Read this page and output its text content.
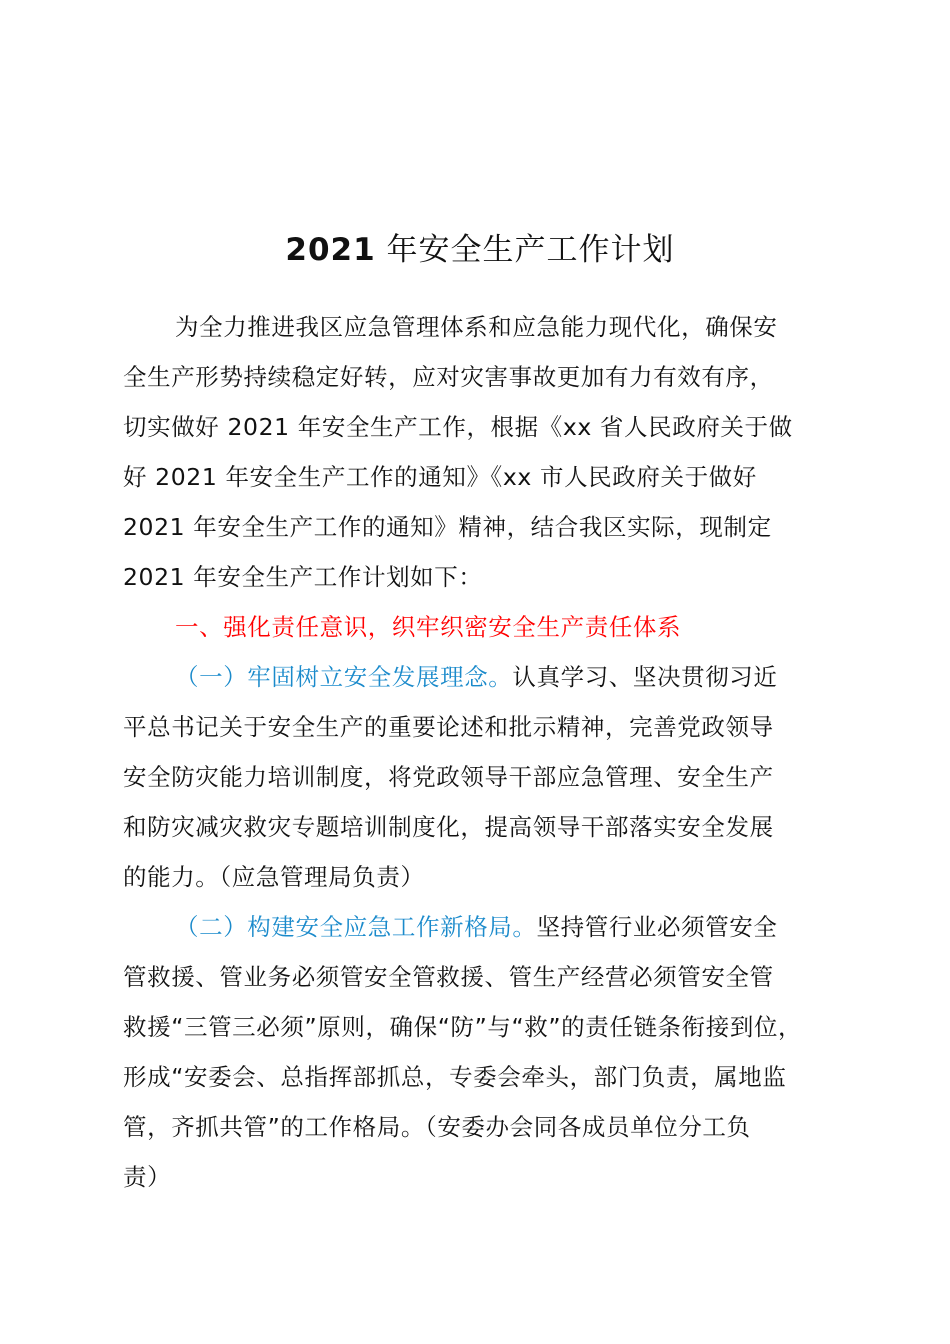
2021 年安全生产工作计划
为全力推进我区应急管理体系和应急能力现代化，确保安
全生产形势持续稳定好转，应对灾害事故更加有力有效有序，
切实做好 2021 年安全生产工作，根据《xx 省人民政府关于做
好 2021 年安全生产工作的通知》《xx 市人民政府关于做好
2021 年安全生产工作的通知》精神，结合我区实际，现制定
2021 年安全生产工作计划如下：
一、强化责任意识，织牢织密安全生产责任体系
（一）牢固树立安全发展理念。认真学习、坚决贯彻习近
平总书记关于安全生产的重要论述和批示精神，完善党政领导
安全防灾能力培训制度，将党政领导干部应急管理、安全生产
和防灾减灾救灾专题培训制度化，提高领导干部落实安全发展
的能力。（应急管理局负责）
（二）构建安全应急工作新格局。坚持管行业必须管安全
管救援、管业务必须管安全管救援、管生产经营必须管安全管
救援“三管三必须”原则，确保“防”与“救”的责任链条衔接到位，
形成“安委会、总指挥部抓总，专委会牵头，部门负责，属地监
管，齐抓共管”的工作格局。（安委办会同各成员单位分工负
责）
